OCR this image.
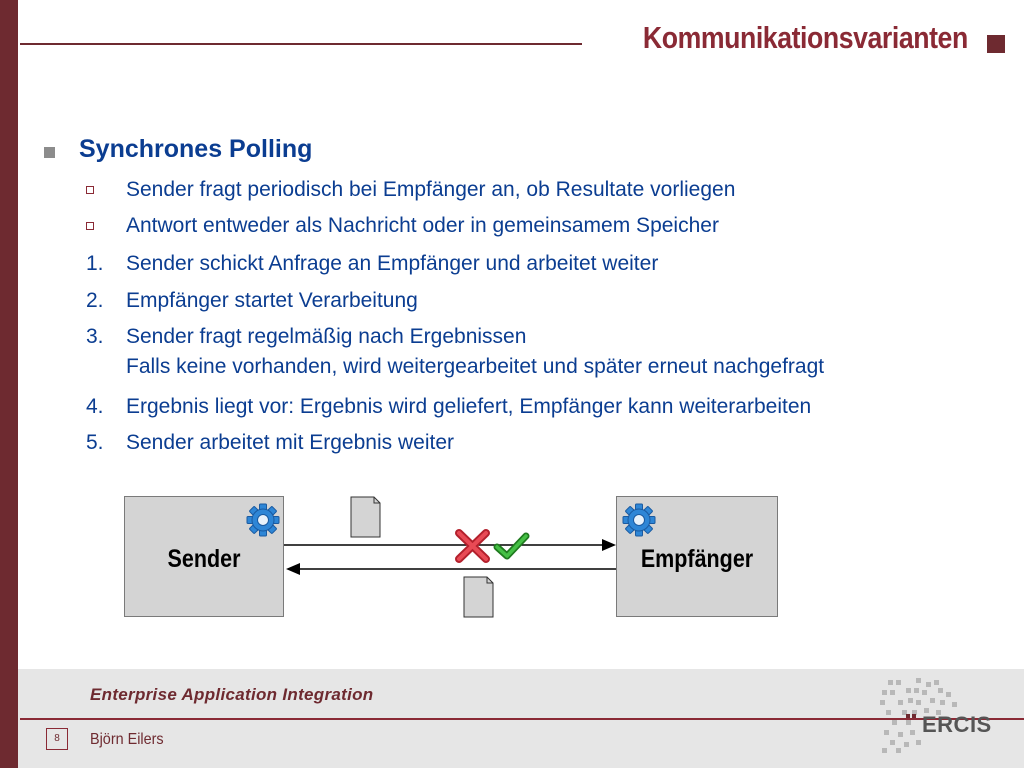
Kommunikationsvarianten
Synchrones Polling
Sender fragt periodisch bei Empfänger an, ob Resultate vorliegen
Antwort entweder als Nachricht oder in gemeinsamem Speicher
1. Sender schickt Anfrage an Empfänger und arbeitet weiter
2. Empfänger startet Verarbeitung
3. Sender fragt regelmäßig nach Ergebnissen
Falls keine vorhanden, wird weitergearbeitet und später erneut nachgefragt
4. Ergebnis liegt vor: Ergebnis wird geliefert, Empfänger kann weiterarbeiten
5. Sender arbeitet mit Ergebnis weiter
Sender	Empfänger
Enterprise Application Integration
8	Björn Eilers
ERCIS
